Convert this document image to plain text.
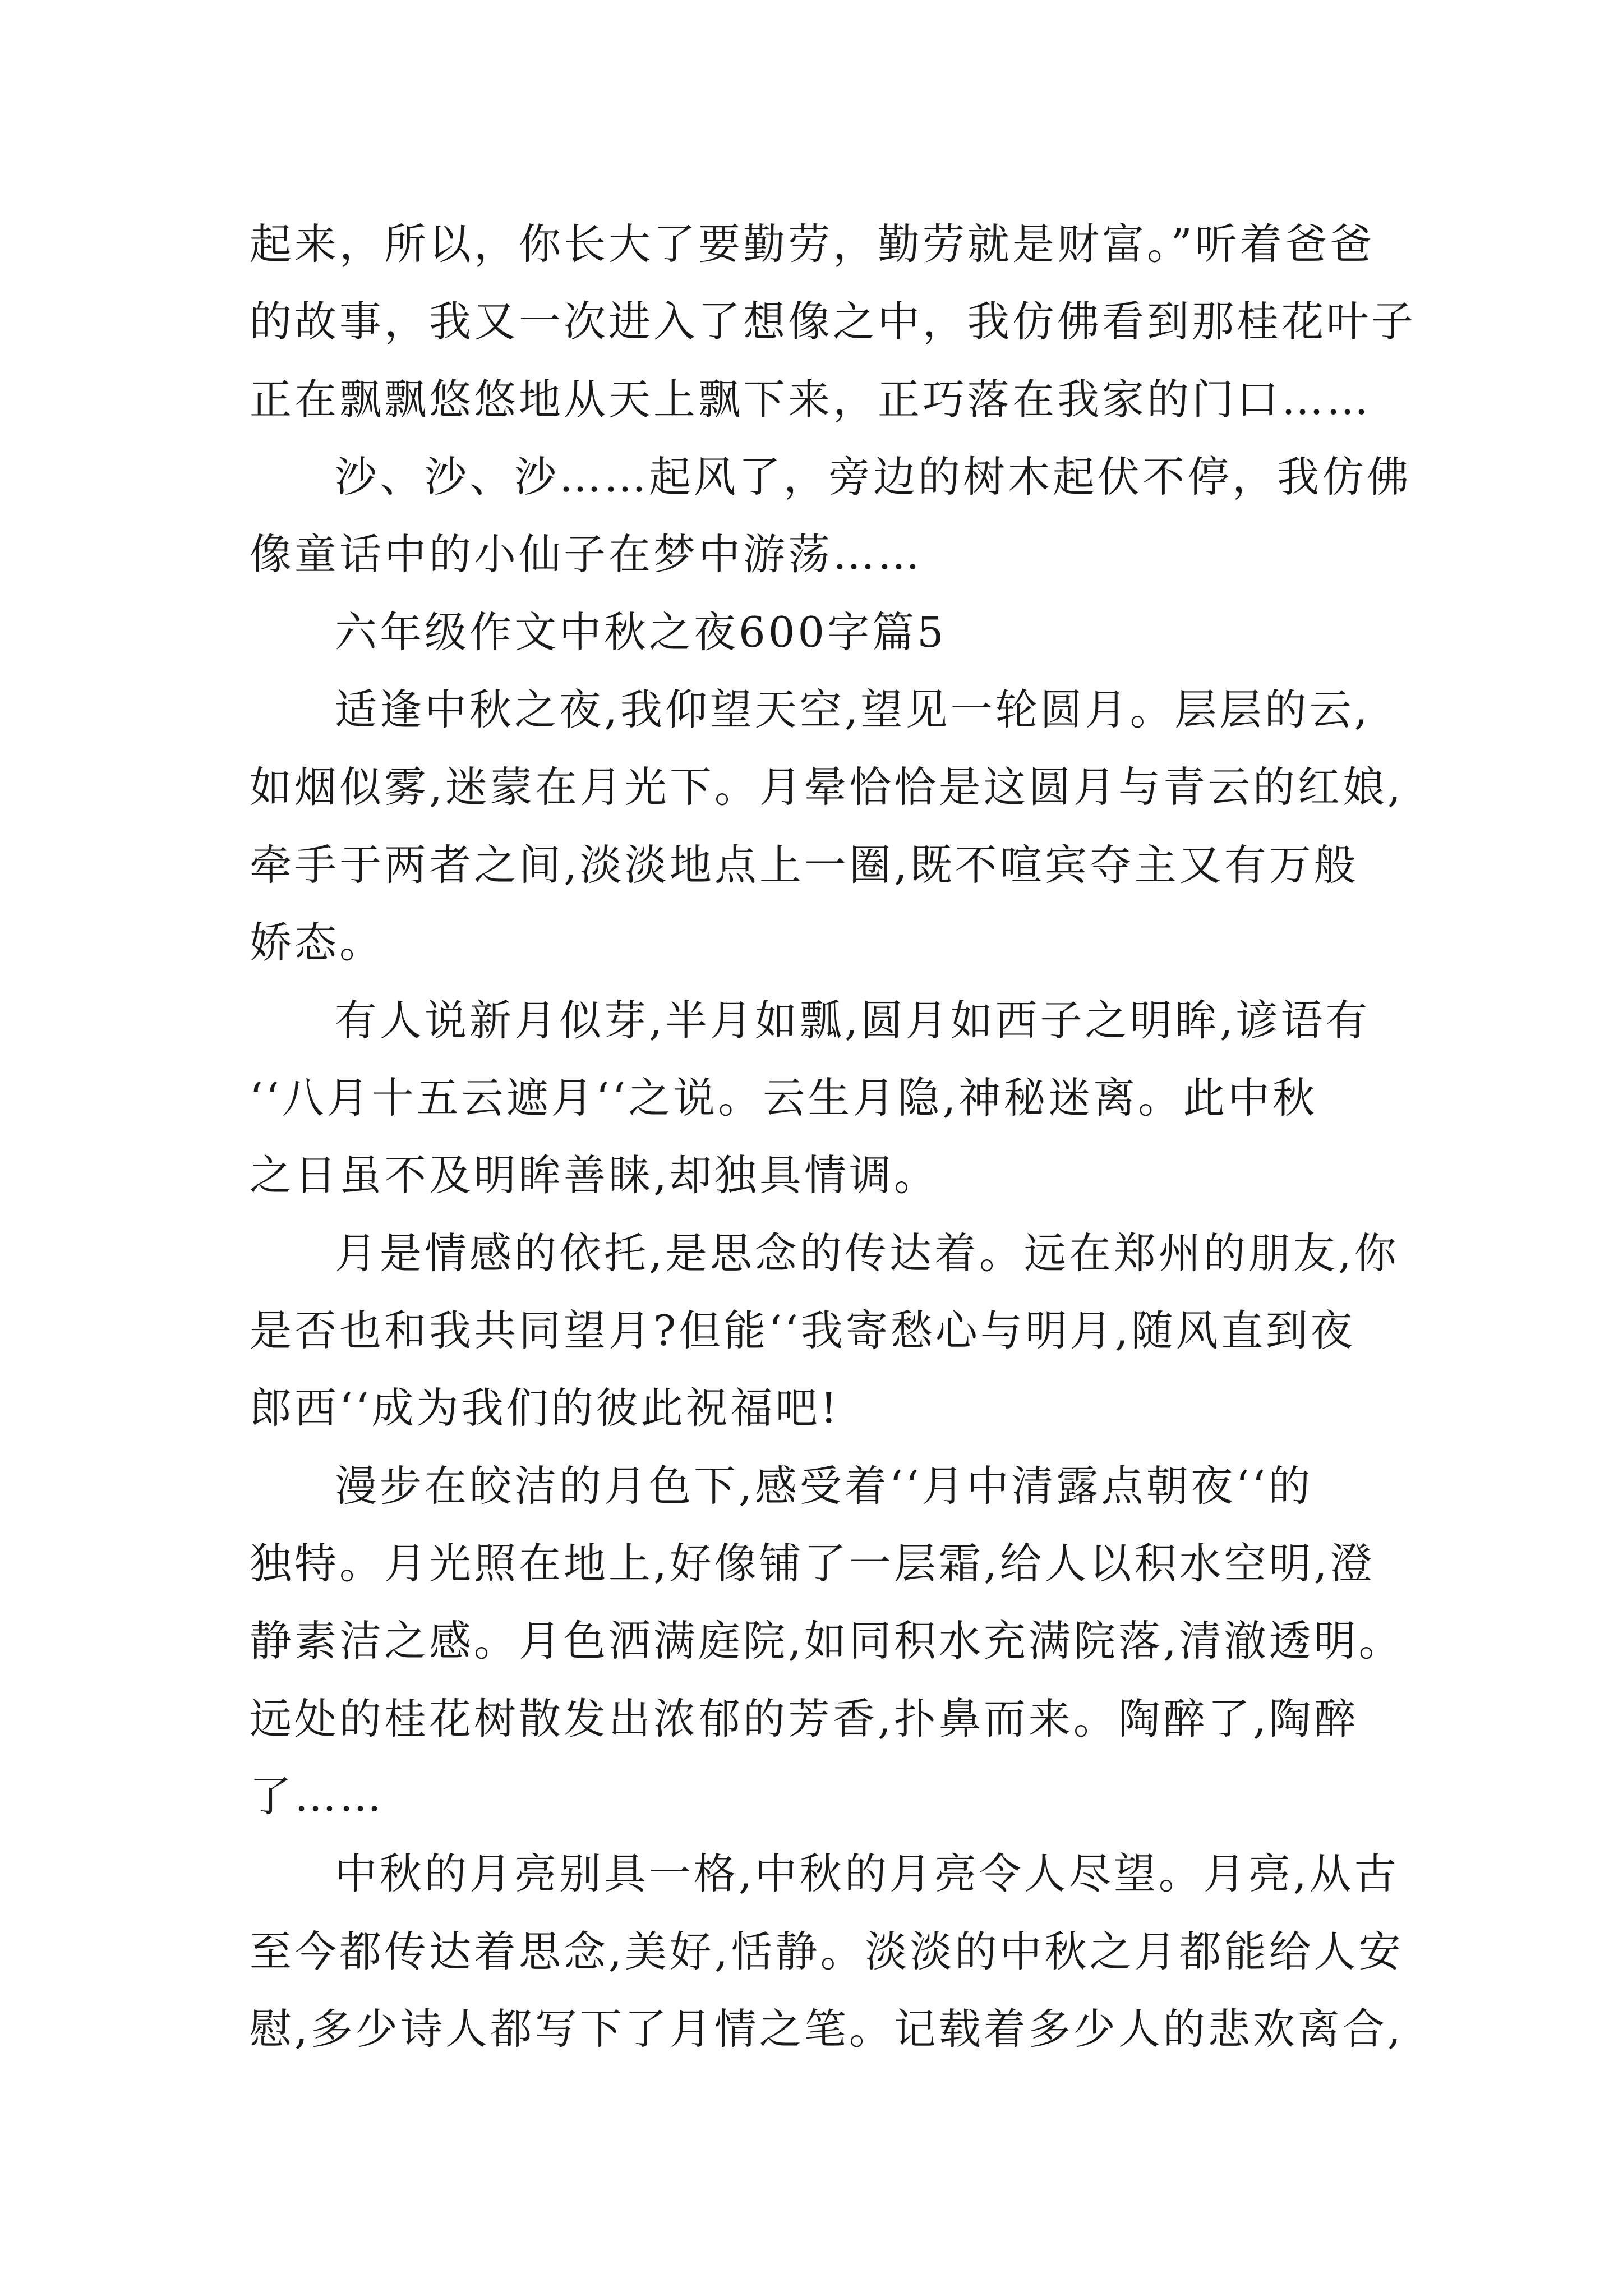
起来，所以，你长大了要勤劳，勤劳就是财富。”听着爸爸
的故事，我又一次进入了想像之中，我仿佛看到那桂花叶子
正在飘飘悠悠地从天上飘下来，正巧落在我家的门口……
沙、沙、沙……起风了，旁边的树木起伏不停，我仿佛
像童话中的小仙子在梦中游荡……
六年级作文中秋之夜600字篇5
适逢中秋之夜,我仰望天空,望见一轮圆月。层层的云,
如烟似雾,迷蒙在月光下。月晕恰恰是这圆月与青云的红娘,
牵手于两者之间,淡淡地点上一圈,既不喧宾夺主又有万般
娇态。
有人说新月似芽,半月如瓢,圆月如西子之明眸,谚语有
‘‘八月十五云遮月‘‘之说。云生月隐,神秘迷离。此中秋
之日虽不及明眸善睐,却独具情调。
月是情感的依托,是思念的传达着。远在郑州的朋友,你
是否也和我共同望月?但能‘‘我寄愁心与明月,随风直到夜
郎西‘‘成为我们的彼此祝福吧!
漫步在皎洁的月色下,感受着‘‘月中清露点朝夜‘‘的
独特。月光照在地上,好像铺了一层霜,给人以积水空明,澄
静素洁之感。月色洒满庭院,如同积水充满院落,清澈透明。
远处的桂花树散发出浓郁的芳香,扑鼻而来。陶醉了,陶醉
了……
中秋的月亮别具一格,中秋的月亮令人尽望。月亮,从古
至今都传达着思念,美好,恬静。淡淡的中秋之月都能给人安
慰,多少诗人都写下了月情之笔。记载着多少人的悲欢离合,
